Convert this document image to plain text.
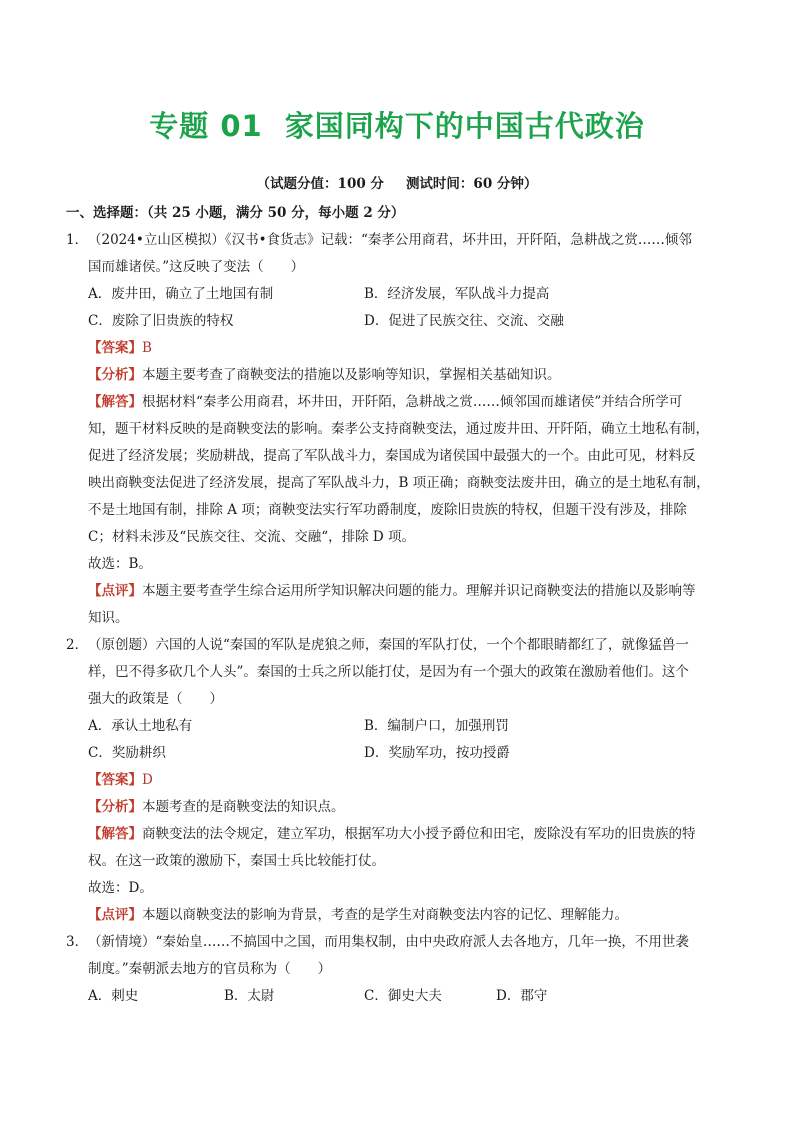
专题 01 家国同构下的中国古代政治
（试题分值：100 分 测试时间：60 分钟）
一、选择题：（共 25 小题，满分 50 分，每小题 2 分）
1．（2024•立山区模拟）《汉书•食货志》记载：“秦孝公用商君，坏井田，开阡陌，急耕战之赏……倾邻
国而雄诸侯。”这反映了变法（　　）
A．废井田，确立了土地国有制	B．经济发展，军队战斗力提高
C．废除了旧贵族的特权	D．促进了民族交往、交流、交融
【答案】B
【分析】本题主要考查了商鞅变法的措施以及影响等知识，掌握相关基础知识。
【解答】根据材料“秦孝公用商君，坏井田，开阡陌，急耕战之赏……倾邻国而雄诸侯”并结合所学可
知，题干材料反映的是商鞅变法的影响。秦孝公支持商鞅变法，通过废井田、开阡陌，确立土地私有制，
促进了经济发展；奖励耕战，提高了军队战斗力，秦国成为诸侯国中最强大的一个。由此可见，材料反
映出商鞅变法促进了经济发展，提高了军队战斗力，B 项正确；商鞅变法废井田，确立的是土地私有制，
不是土地国有制，排除 A 项；商鞅变法实行军功爵制度，废除旧贵族的特权，但题干没有涉及，排除
C；材料未涉及“民族交往、交流、交融“，排除 D 项。
故选：B。
【点评】本题主要考查学生综合运用所学知识解决问题的能力。理解并识记商鞅变法的措施以及影响等
知识。
2．（原创题）六国的人说“秦国的军队是虎狼之师，秦国的军队打仗，一个个都眼睛都红了，就像猛兽一
样，巴不得多砍几个人头”。秦国的士兵之所以能打仗，是因为有一个强大的政策在激励着他们。这个
强大的政策是（　　）
A．承认土地私有	B．编制户口，加强刑罚
C．奖励耕织	D．奖励军功，按功授爵
【答案】D
【分析】本题考查的是商鞅变法的知识点。
【解答】商鞅变法的法令规定，建立军功，根据军功大小授予爵位和田宅，废除没有军功的旧贵族的特
权。在这一政策的激励下，秦国士兵比较能打仗。
故选：D。
【点评】本题以商鞅变法的影响为背景，考查的是学生对商鞅变法内容的记忆、理解能力。
3．（新情境）“秦始皇……不搞国中之国，而用集权制，由中央政府派人去各地方，几年一换，不用世袭
制度。”秦朝派去地方的官员称为（　　）
A．刺史	B．太尉	C．御史大夫	D．郡守
